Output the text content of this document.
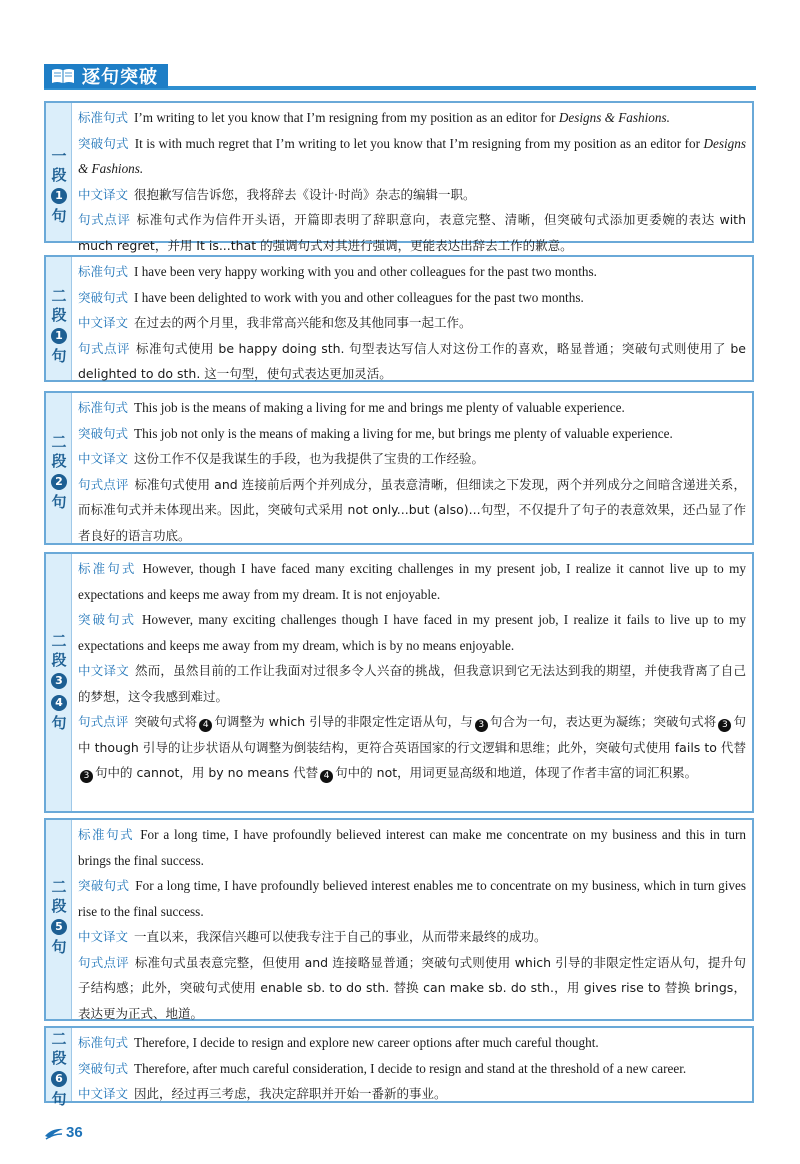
逐句突破
一
段
1
句
标准句式 I’m writing to let you know that I’m resigning from my position as an editor for Designs & Fashions.
突破句式 It is with much regret that I’m writing to let you know that I’m resigning from my position as an editor for Designs & Fashions.
中文译文 很抱歉写信告诉您，我将辞去《设计·时尚》杂志的编辑一职。
句式点评 标准句式作为信件开头语，开篇即表明了辞职意向，表意完整、清晰，但突破句式添加更委婉的表达 with much regret，并用 It is...that 的强调句式对其进行强调，更能表达出辞去工作的歉意。
二
段
1
句
标准句式 I have been very happy working with you and other colleagues for the past two months.
突破句式 I have been delighted to work with you and other colleagues for the past two months.
中文译文 在过去的两个月里，我非常高兴能和您及其他同事一起工作。
句式点评 标准句式使用 be happy doing sth. 句型表达写信人对这份工作的喜欢，略显普通；突破句式则使用了 be delighted to do sth. 这一句型，使句式表达更加灵活。
二
段
2
句
标准句式 This job is the means of making a living for me and brings me plenty of valuable experience.
突破句式 This job not only is the means of making a living for me, but brings me plenty of valuable experience.
中文译文 这份工作不仅是我谋生的手段，也为我提供了宝贵的工作经验。
句式点评 标准句式使用 and 连接前后两个并列成分，虽表意清晰，但细读之下发现，两个并列成分之间暗含递进关系，而标准句式并未体现出来。因此，突破句式采用 not only...but (also)...句型，不仅提升了句子的表意效果，还凸显了作者良好的语言功底。
二
段
3
4
句
标准句式 However, though I have faced many exciting challenges in my present job, I realize it cannot live up to my expectations and keeps me away from my dream. It is not enjoyable.
突破句式 However, many exciting challenges though I have faced in my present job, I realize it fails to live up to my expectations and keeps me away from my dream, which is by no means enjoyable.
中文译文 然而，虽然目前的工作让我面对过很多令人兴奋的挑战，但我意识到它无法达到我的期望，并使我背离了自己的梦想，这令我感到难过。
句式点评 突破句式将 4 句调整为 which 引导的非限定性定语从句，与 3 句合为一句，表达更为凝练；突破句式将 3 句中 though 引导的让步状语从句调整为倒装结构，更符合英语国家的行文逻辑和思维；此外，突破句式使用 fails to 代替3 句中的 cannot，用 by no means 代替 4 句中的 not，用词更显高级和地道，体现了作者丰富的词汇积累。
二
段
5
句
标准句式 For a long time, I have profoundly believed interest can make me concentrate on my business and this in turn brings the final success.
突破句式 For a long time, I have profoundly believed interest enables me to concentrate on my business, which in turn gives rise to the final success.
中文译文 一直以来，我深信兴趣可以使我专注于自己的事业，从而带来最终的成功。
句式点评 标准句式虽表意完整，但使用 and 连接略显普通；突破句式则使用 which 引导的非限定性定语从句，提升句子结构感；此外，突破句式使用 enable sb. to do sth. 替换 can make sb. do sth.，用 gives rise to 替换 brings，表达更为正式、地道。
二
段
6
句
标准句式 Therefore, I decide to resign and explore new career options after much careful thought.
突破句式 Therefore, after much careful consideration, I decide to resign and stand at the threshold of a new career.
中文译文 因此，经过再三考虑，我决定辞职并开始一番新的事业。
36
